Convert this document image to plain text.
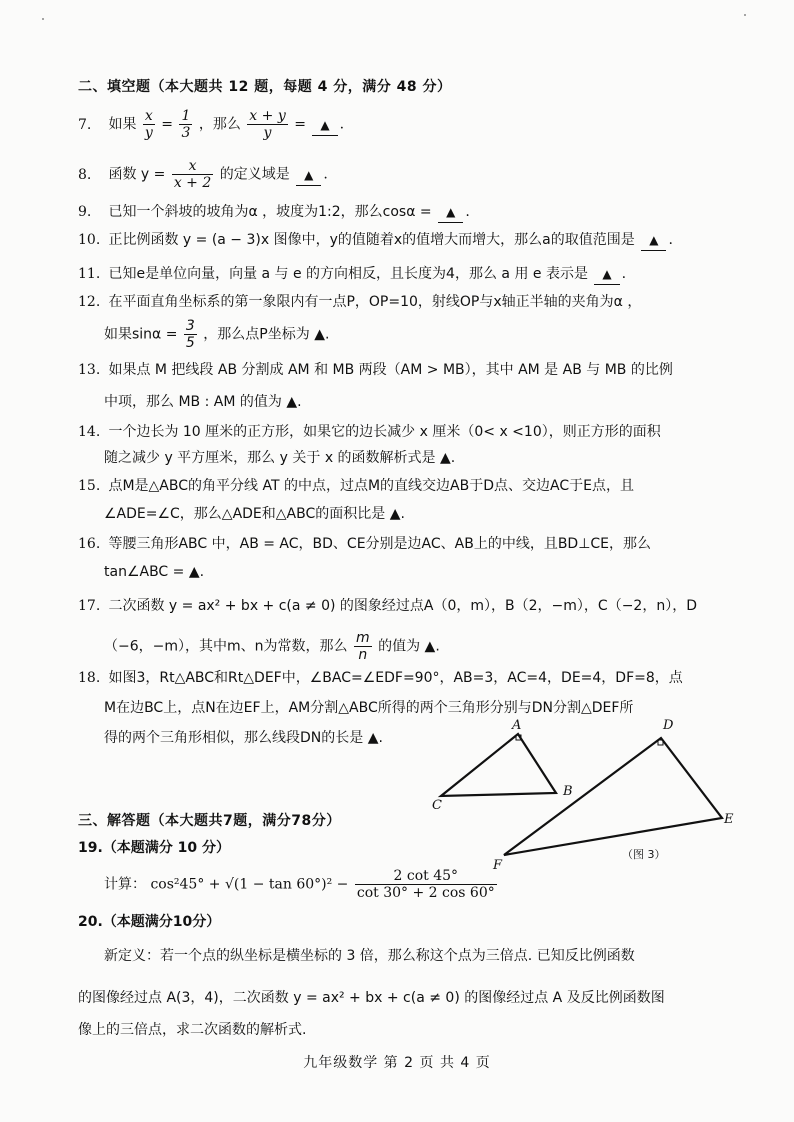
二、填空题（本大题共 12 题，每题 4 分，满分 48 分）
7. 如果 $\frac{x}{y} = \frac{1}{3}$ ，那么 $\frac{x + y}{y}$ = ▲ .
8. 函数 $y = \frac{x}{x + 2}$ 的定义域是 ▲ .
9. 已知一个斜坡的坡角为α ，坡度为1:2，那么cosα = ▲ .
10. 正比例函数 y = (a − 3)x 图像中，y的值随着x的值增大而增大，那么a的取值范围是 ▲ .
11. 已知e是单位向量，向量 a 与 e 的方向相反，且长度为4，那么 a 用 e 表示是 ▲ .
12. 在平面直角坐标系的第一象限内有一点P，OP=10，射线OP与x轴正半轴的夹角为α ，
如果$\sin\alpha = \frac{3}{5}$ ，那么点P坐标为 ▲.
13. 如果点 M 把线段 AB 分割成 AM 和 MB 两段（AM > MB），其中 AM 是 AB 与 MB 的比例
中项，那么 MB : AM 的值为 ▲.
14. 一个边长为 10 厘米的正方形，如果它的边长减少 x 厘米（0< x <10），则正方形的面积
随之减少 y 平方厘米，那么 y 关于 x 的函数解析式是 ▲.
15. 点M是△ABC的角平分线 AT 的中点，过点M的直线交边AB于D点、交边AC于E点，且
∠ADE=∠C，那么△ADE和△ABC的面积比是 ▲.
16. 等腰三角形ABC 中，AB = AC，BD、CE分别是边AC、AB上的中线，且BD⊥CE，那么
tan∠ABC = ▲.
17. 二次函数 y = ax² + bx + c(a ≠ 0) 的图象经过点A（0，m），B（2，−m），C（−2，n），D
（−6，−m），其中m、n为常数，那么 $\frac{m}{n}$ 的值为 ▲.
18. 如图3，Rt△ABC和Rt△DEF中，∠BAC=∠EDF=90°，AB=3，AC=4，DE=4，DF=8，点
M在边BC上，点N在边EF上，AM分割△ABC所得的两个三角形分别与DN分割△DEF所
得的两个三角形相似，那么线段DN的长是 ▲.
A
B
C
D
E
F
（图 3）
三、解答题（本大题共7题，满分78分）
19.（本题满分 10 分）
计算： $\cos^245^\circ + √(1 - \tan 60^\circ)^2 - \frac{2 \cot 45^\circ}{\cot 30^\circ + 2 \cos 60^\circ}$
20.（本题满分10分）
新定义：若一个点的纵坐标是横坐标的 3 倍，那么称这个点为三倍点. 已知反比例函数
的图像经过点 A(3，4)，二次函数 y = ax² + bx + c(a ≠ 0) 的图像经过点 A 及反比例函数图
像上的三倍点，求二次函数的解析式.
九年级数学 第 2 页 共 4 页
